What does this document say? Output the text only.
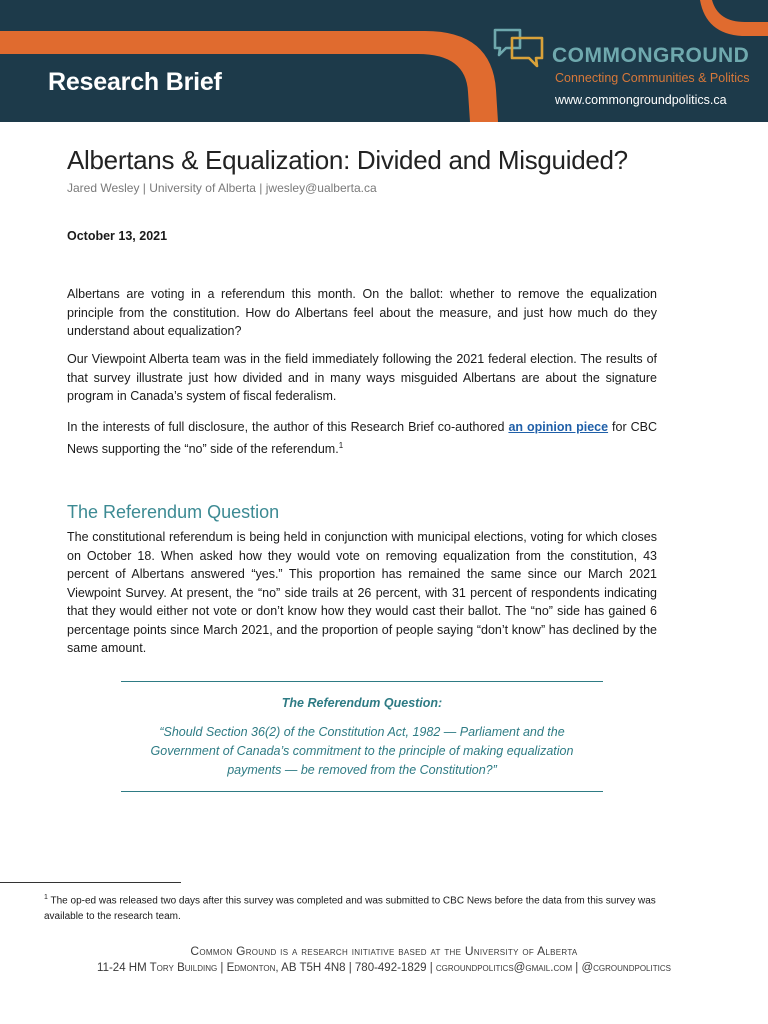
Research Brief
COMMONGROUND
Connecting Communities & Politics
www.commongroundpolitics.ca
Albertans & Equalization: Divided and Misguided?
Jared Wesley | University of Alberta | jwesley@ualberta.ca
October 13, 2021

Albertans are voting in a referendum this month. On the ballot: whether to remove the equalization principle from the constitution. How do Albertans feel about the measure, and just how much do they understand about equalization?

Our Viewpoint Alberta team was in the field immediately following the 2021 federal election. The results of that survey illustrate just how divided and in many ways misguided Albertans are about the signature program in Canada’s system of fiscal federalism.

In the interests of full disclosure, the author of this Research Brief co-authored an opinion piece for CBC News supporting the “no” side of the referendum.$^1$

The Referendum Question

The constitutional referendum is being held in conjunction with municipal elections, voting for which closes on October 18. When asked how they would vote on removing equalization from the constitution, 43 percent of Albertans answered “yes.” This proportion has remained the same since our March 2021 Viewpoint Survey. At present, the “no” side trails at 26 percent, with 31 percent of respondents indicating that they would either not vote or don’t know how they would cast their ballot. The “no” side has gained 6 percentage points since March 2021, and the proportion of people saying “don’t know” has declined by the same amount.

The Referendum Question:
“Should Section 36(2) of the Constitution Act, 1982 — Parliament and the Government of Canada’s commitment to the principle of making equalization payments — be removed from the Constitution?”
$^1$ The op-ed was released two days after this survey was completed and was submitted to CBC News before the data from this survey was available to the research team.
Common Ground is a research initiative based at the University of Alberta
11-24 HM Tory Building | Edmonton, AB T5H 4N8 | 780-492-1829 | cgroundpolitics@gmail.com | @cgroundpolitics
